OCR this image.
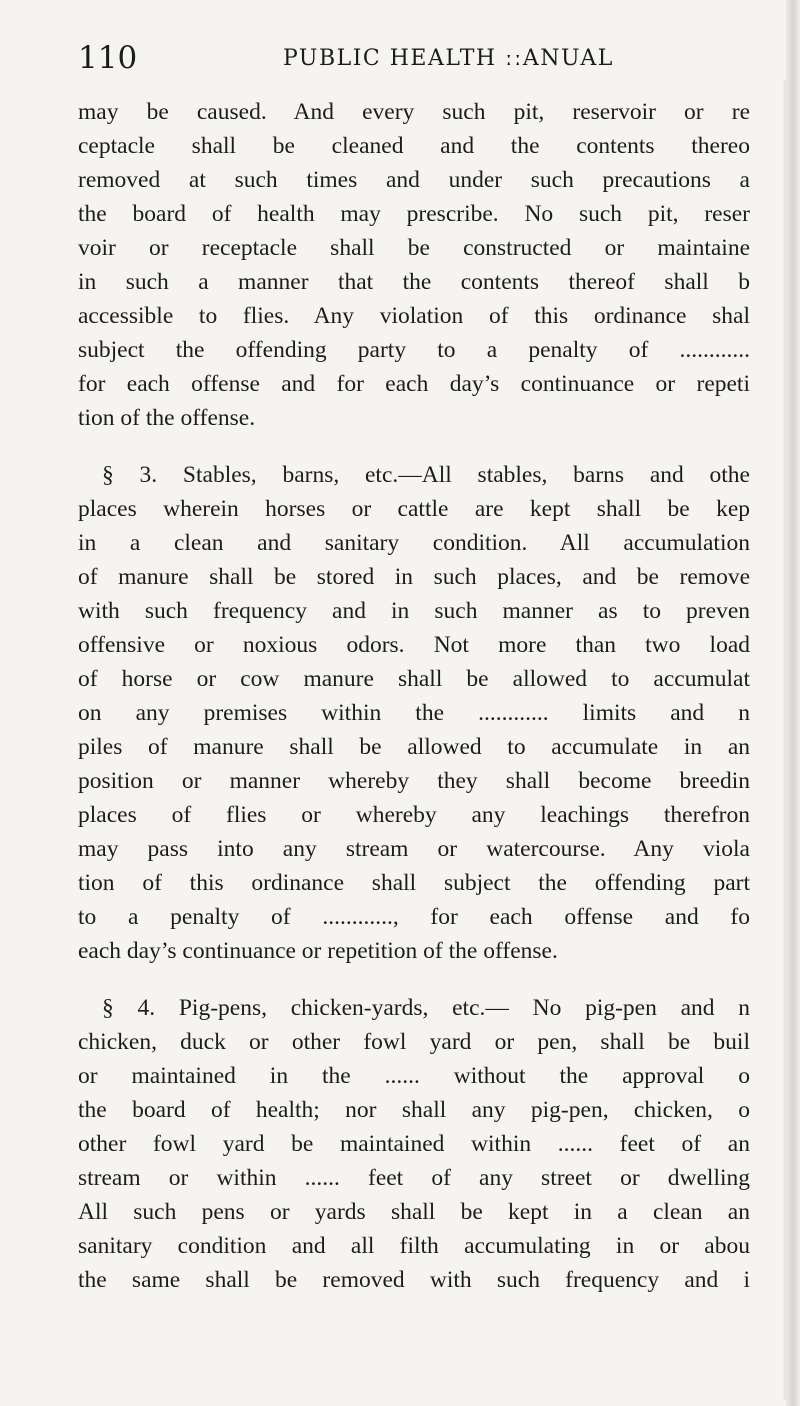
110	PUBLIC HEALTH ːːANUAL
may be caused. And every such pit, reservoir or re
ceptacle shall be cleaned and the contents thereo
removed at such times and under such precautions a
the board of health may prescribe. No such pit, reser
voir or receptacle shall be constructed or maintaine
in such a manner that the contents thereof shall b
accessible to flies. Any violation of this ordinance shal
subject the offending party to a penalty of ............
for each offense and for each day’s continuance or repeti
tion of the offense.
§ 3. Stables, barns, etc.—All stables, barns and othe
places wherein horses or cattle are kept shall be kep
in a clean and sanitary condition. All accumulation
of manure shall be stored in such places, and be remove
with such frequency and in such manner as to preven
offensive or noxious odors. Not more than two load
of horse or cow manure shall be allowed to accumulat
on any premises within the ............ limits and n
piles of manure shall be allowed to accumulate in an
position or manner whereby they shall become breedin
places of flies or whereby any leachings therefron
may pass into any stream or watercourse. Any viola
tion of this ordinance shall subject the offending part
to a penalty of ............, for each offense and fo
each day’s continuance or repetition of the offense.
§ 4. Pig-pens, chicken-yards, etc.— No pig-pen and n
chicken, duck or other fowl yard or pen, shall be buil
or maintained in the ...... without the approval o
the board of health; nor shall any pig-pen, chicken, o
other fowl yard be maintained within ...... feet of an
stream or within ...... feet of any street or dwelling
All such pens or yards shall be kept in a clean an
sanitary condition and all filth accumulating in or abou
the same shall be removed with such frequency and i
